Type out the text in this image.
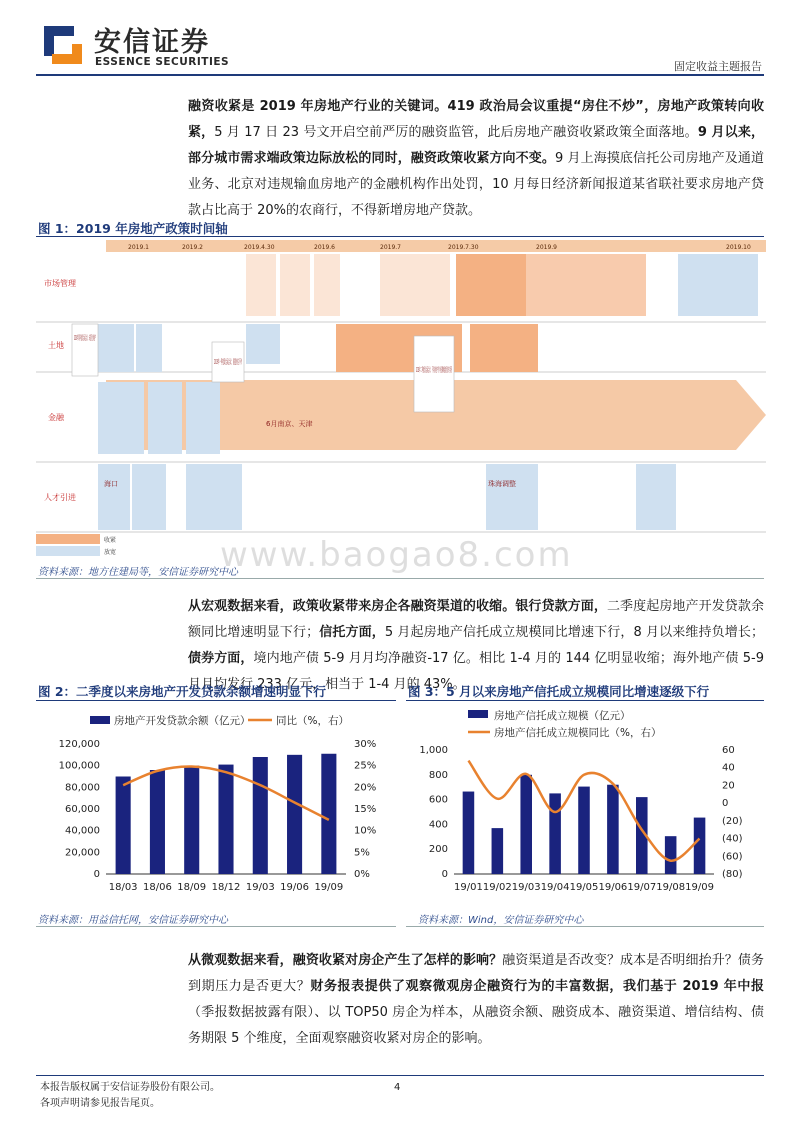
安信证券
ESSENCE SECURITIES	固定收益主题报告
融资收紧是 2019 年房地产行业的关键词。419 政治局会议重提“房住不炒”，房地产政策转向收紧，5 月 17 日 23 号文开启空前严厉的融资监管，此后房地产融资收紧政策全面落地。9 月以来，部分城市需求端政策边际放松的同时，融资政策收紧方向不变。9 月上海摸底信托公司房地产及通道业务、北京对违规输血房地产的金融机构作出处罚，10 月每日经济新闻报道某省联社要求房地产贷款占比高于 20%的农商行，不得新增房地产贷款。
图 1：2019 年房地产政策时间轴
2019.1	2019.2	2019.4.30	2019.6	2019.7	2019.7.30	2019.9	2019.10
市场管理
土地
金融
人才引进
6月南京、天津
海口	珠海调整
收紧
放宽	www.baogao8.com
资料来源：地方住建局等，安信证券研究中心
从宏观数据来看，政策收紧带来房企各融资渠道的收缩。银行贷款方面，二季度起房地产开发贷款余额同比增速明显下行；信托方面，5 月起房地产信托成立规模同比增速下行，8 月以来维持负增长；债券方面，境内地产债 5-9 月月均净融资-17 亿。相比 1-4 月的 144 亿明显收缩；海外地产债 5-9 月月均发行 233 亿元，相当于 1-4 月的 43%。
图 2：二季度以来房地产开发贷款余额增速明显下行
房地产开发贷款余额（亿元） 同比（%，右）
0
20,000
40,000
60,000
80,000
100,000
120,000
0%
5%
10%
15%
20%
25%
30%
18/03 18/06 18/09 18/12 19/03 19/06 19/09
资料来源：用益信托网，安信证券研究中心
图 3：5 月以来房地产信托成立规模同比增速逐级下行
房地产信托成立规模（亿元）
房地产信托成立规模同比（%，右）
0
200
400
600
800
1,000
(80)
(60)
(40)
(20)
0
20
40
60
19/01 19/02 19/03 19/04 19/05 19/06 19/07 19/08 19/09
资料来源：Wind，安信证券研究中心
从微观数据来看，融资收紧对房企产生了怎样的影响？融资渠道是否改变？成本是否明细抬升？债务到期压力是否更大？财务报表提供了观察微观房企融资行为的丰富数据，我们基于 2019 年中报（季报数据披露有限）、以 TOP50 房企为样本，从融资余额、融资成本、融资渠道、增信结构、债务期限 5 个维度，全面观察融资收紧对房企的影响。
本报告版权属于安信证券股份有限公司。
各项声明请参见报告尾页。
4
